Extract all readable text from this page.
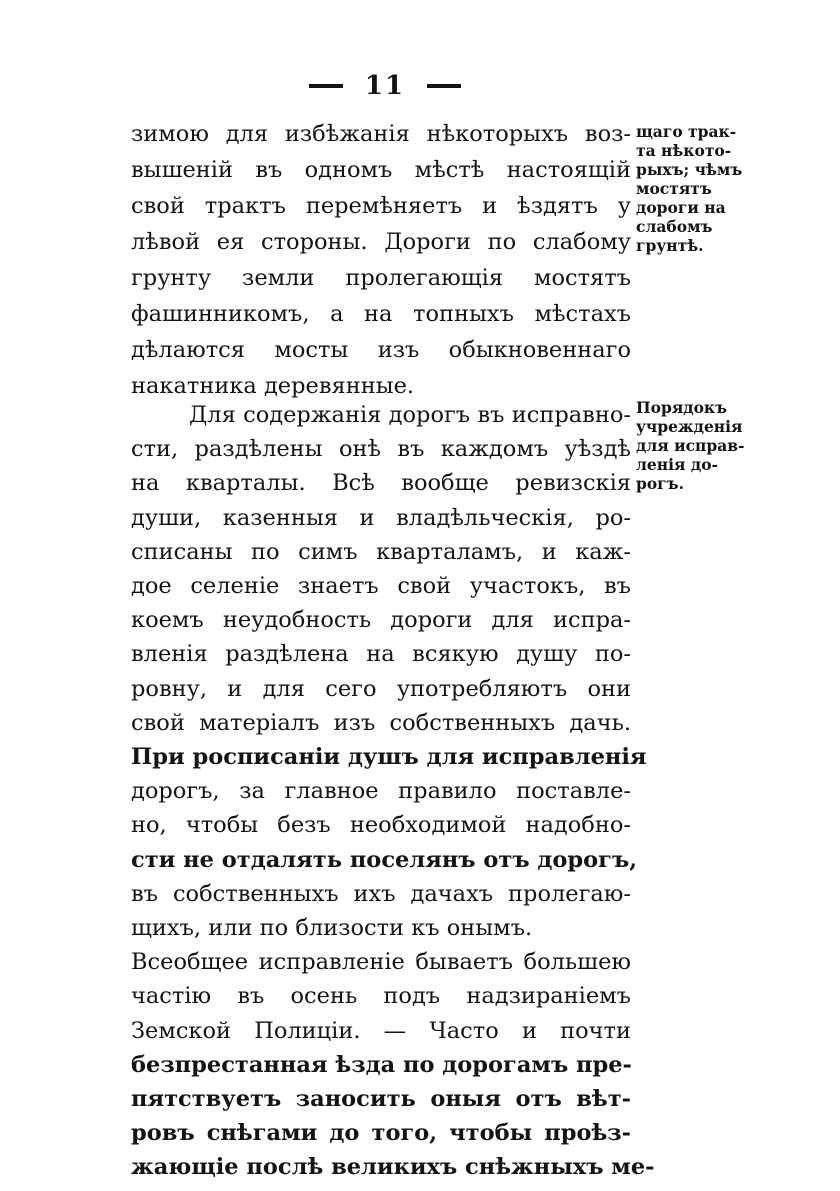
11
зимою для избѣжанія нѣкоторыхъ воз-
вышеній въ одномъ мѣстѣ настоящій
свой трактъ перемѣняетъ и ѣздятъ у
лѣвой ея стороны. Дороги по слабому
грунту земли пролегающія мостятъ
фашинникомъ, а на топныхъ мѣстахъ
дѣлаются мосты изъ обыкновеннаго
накатника деревянные.
Для содержанія дорогъ въ исправно-
сти, раздѣлены онѣ въ каждомъ уѣздѣ
на кварталы. Всѣ вообще ревизскія
души, казенныя и владѣльческія, ро-
списаны по симъ кварталамъ, и каж-
дое селеніе знаетъ свой участокъ, въ
коемъ неудобность дороги для испра-
вленія раздѣлена на всякую душу по-
ровну, и для сего употребляютъ они
свой матеріалъ изъ собственныхъ дачь.
При росписаніи душъ для исправленія
дорогъ, за главное правило поставле-
но, чтобы безъ необходимой надобно-
сти не отдалять поселянъ отъ дорогъ,
въ собственныхъ ихъ дачахъ пролегаю-
щихъ, или по близости къ онымъ.
Всеобщее исправленіе бываетъ большею
частію въ осень подъ надзираніемъ
Земской Полиціи. — Часто и почти
безпрестанная ѣзда по дорогамъ пре-
пятствуетъ заносить оныя отъ вѣт-
ровъ снѣгами до того, чтобы проѣз-
щаго трак-
та нѣкото-
рыхъ; чѣмъ
мостятъ
дороги на
слабомъ
грунтѣ.
Порядокъ
учрежденія
для исправ-
ленія до-
рогъ.
жающіе послѣ великихъ снѣжныхъ ме-
